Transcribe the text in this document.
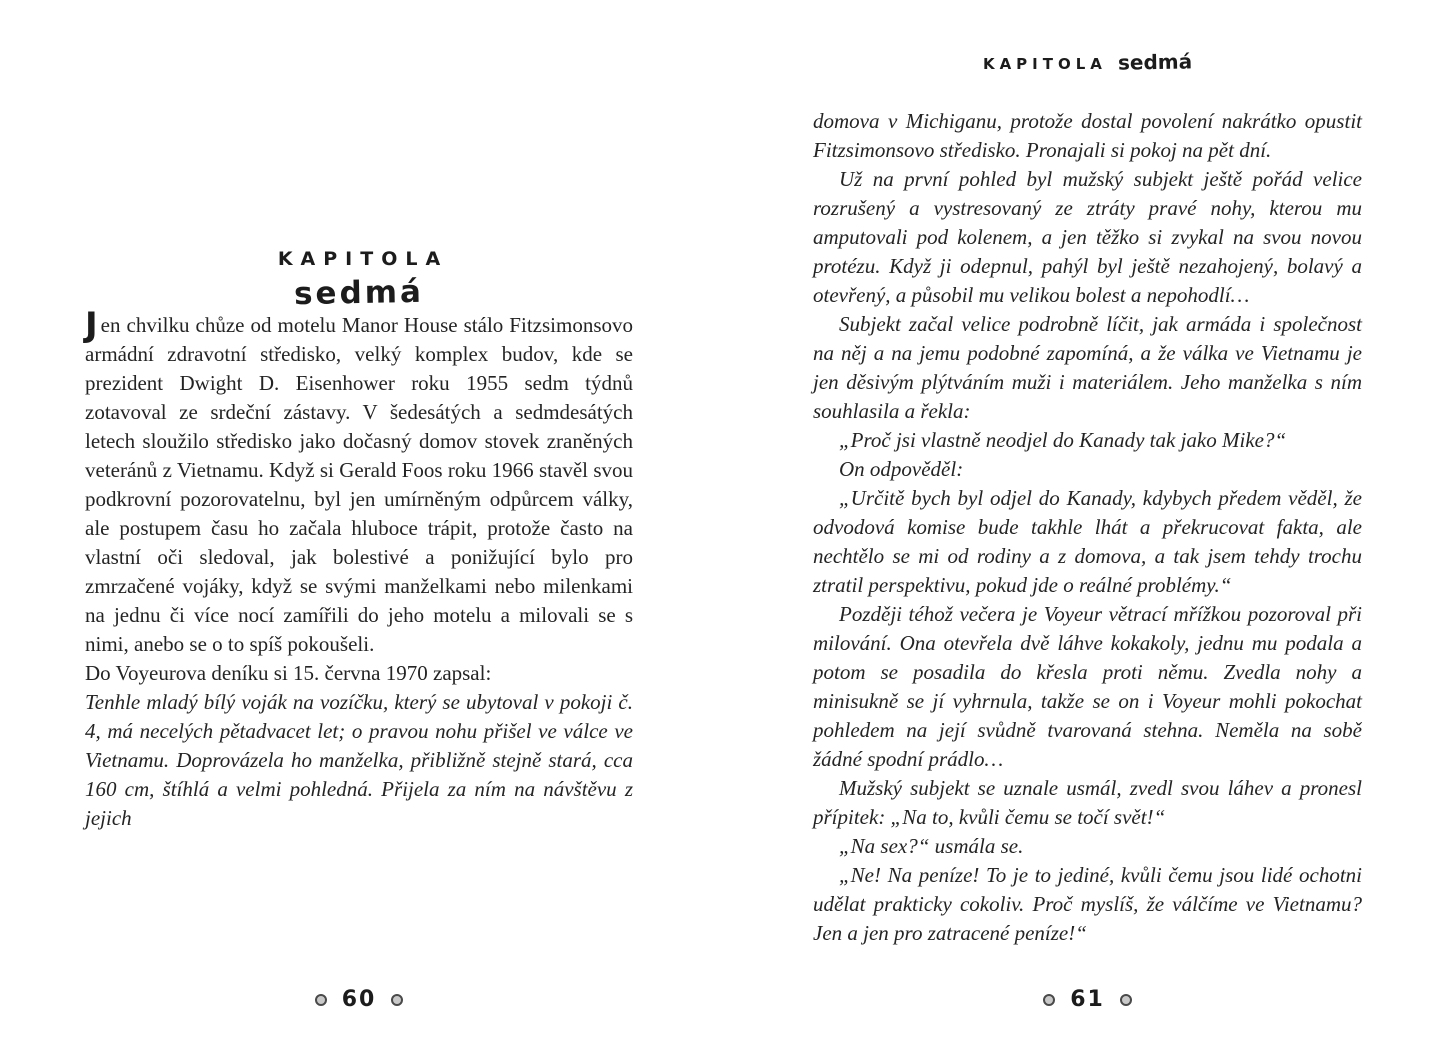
KAPITOLA
sedmá

Jen chvilku chůze od motelu Manor House stálo Fitzsimonsovo armádní zdravotní středisko, velký komplex budov, kde se prezident Dwight D. Eisenhower roku 1955 sedm týdnů zotavoval ze srdeční zástavy. V šedesátých a sedmdesátých letech sloužilo středisko jako dočasný domov stovek zraněných veteránů z Vietnamu. Když si Gerald Foos roku 1966 stavěl svou podkrovní pozorovatelnu, byl jen umírněným odpůrcem války, ale postupem času ho začala hluboce trápit, protože často na vlastní oči sledoval, jak bolestivé a ponižující bylo pro zmrzačené vojáky, když se svými manželkami nebo milenkami na jednu či více nocí zamířili do jeho motelu a milovali se s nimi, anebo se o to spíš pokoušeli.

Do Voyeurova deníku si 15. června 1970 zapsal:

Tenhle mladý bílý voják na vozíčku, který se ubytoval v pokoji č. 4, má necelých pětadvacet let; o pravou nohu přišel ve válce ve Vietnamu. Doprovázela ho manželka, přibližně stejně stará, cca 160 cm, štíhlá a velmi pohledná. Přijela za ním na návštěvu z jejich

60
KAPITOLA sedmá

domova v Michiganu, protože dostal povolení nakrátko opustit Fitzsimonsovo středisko. Pronajali si pokoj na pět dní.

Už na první pohled byl mužský subjekt ještě pořád velice rozrušený a vystresovaný ze ztráty pravé nohy, kterou mu amputovali pod kolenem, a jen těžko si zvykal na svou novou protézu. Když ji odepnul, pahýl byl ještě nezahojený, bolavý a otevřený, a působil mu velikou bolest a nepohodlí…

Subjekt začal velice podrobně líčit, jak armáda i společnost na něj a na jemu podobné zapomíná, a že válka ve Vietnamu je jen děsivým plýtváním muži i materiálem. Jeho manželka s ním souhlasila a řekla:

„Proč jsi vlastně neodjel do Kanady tak jako Mike?“

On odpověděl:

„Určitě bych byl odjel do Kanady, kdybych předem věděl, že odvodová komise bude takhle lhát a překrucovat fakta, ale nechtělo se mi od rodiny a z domova, a tak jsem tehdy trochu ztratil perspektivu, pokud jde o reálné problémy.“

Později téhož večera je Voyeur větrací mřížkou pozoroval při milování. Ona otevřela dvě láhve kokakoly, jednu mu podala a potom se posadila do křesla proti němu. Zvedla nohy a minisukně se jí vyhrnula, takže se on i Voyeur mohli pokochat pohledem na její svůdně tvarovaná stehna. Neměla na sobě žádné spodní prádlo…

Mužský subjekt se uznale usmál, zvedl svou láhev a pronesl přípitek: „Na to, kvůli čemu se točí svět!“

„Na sex?“ usmála se.

„Ne! Na peníze! To je to jediné, kvůli čemu jsou lidé ochotni udělat prakticky cokoliv. Proč myslíš, že válčíme ve Vietnamu? Jen a jen pro zatracené peníze!“

61
